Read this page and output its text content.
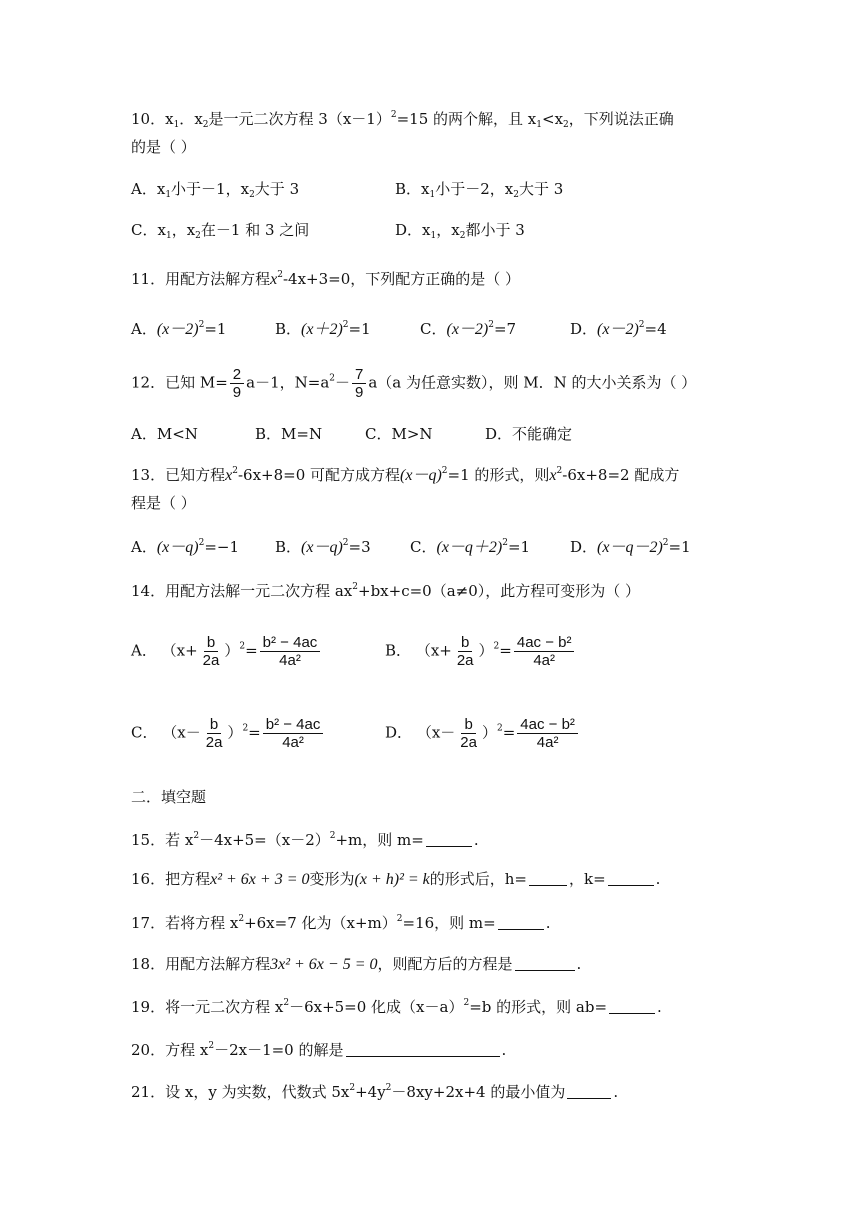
10．$x_1$．$x_2$是一元二次方程 $3(x-1)^2=15$ 的两个解，且 $x_1<x_2$，下列说法正确
的是（ ）
A．$x_1$小于－1，$x_2$大于 3	B．$x_1$小于－2，$x_2$大于 3
C．$x_1$，$x_2$在－1 和 3 之间	D．$x_1$，$x_2$都小于 3
11．用配方法解方程$x^2-4x+3=0$，下列配方正确的是（ ）
A．$(x-2)^2=1$	B．$(x+2)^2=1$	C．$(x-2)^2=7$	D．$(x-2)^2=4$
12．已知 $M= \frac{2}{9} a-1$，$N=a^2- \frac{7}{9} a(a$ 为任意实数），则 M．N 的大小关系为（ ）
A．M<N	B．M=N	C．M>N	D．不能确定
13．已知方程$x^2-6x+8=0$ 可配方成方程$(x-q)^2=1$ 的形式，则$x^2-6x+8=2$ 配成方
程是（ ）
A．$(x-q)^2=-1$ B．$(x-q)^2=3$	C．$(x-q+2)^2=1$	D．$(x-q-2)^2=1$
14．用配方法解一元二次方程 $ax^2+bx+c=0(a\ne 0)$，此方程可变形为（ ）
A． $(x+ \frac{b}{2a} )^2= \frac{\text{b² − 4ac}}{\text{4a²}}$	B． $(x+ \frac{b}{2a} )^2= \frac{\text{4ac − b²}}{\text{4a²}}$
C． $(x- \frac{b}{2a} )^2= \frac{\text{b² − 4ac}}{\text{4a²}}$	D． $(x- \frac{b}{2a} )^2= \frac{\text{4ac − b²}}{\text{4a²}}$
二．填空题
15．若 $x^2-4x+5=(x-2)^2+m$，则 m=	.
16．把方程x² + 6x + 3 = 0变形为(x + h)² = k的形式后，h=	，k=	.
17．若将方程 $x^2+6x=7$ 化为$(x+m)^2=16$，则 m=	.
18．用配方法解方程3x² + 6x − 5 = 0，则配方后的方程是	.
19．将一元二次方程 $x^2-6x+5=0$ 化成$(x-a)^2=b$ 的形式，则 ab=	.
20．方程 $x^2-2x-1=0$ 的解是	.
21．设 x，y 为实数，代数式 $5x^2+4y^2-8xy+2x+4$ 的最小值为	.
